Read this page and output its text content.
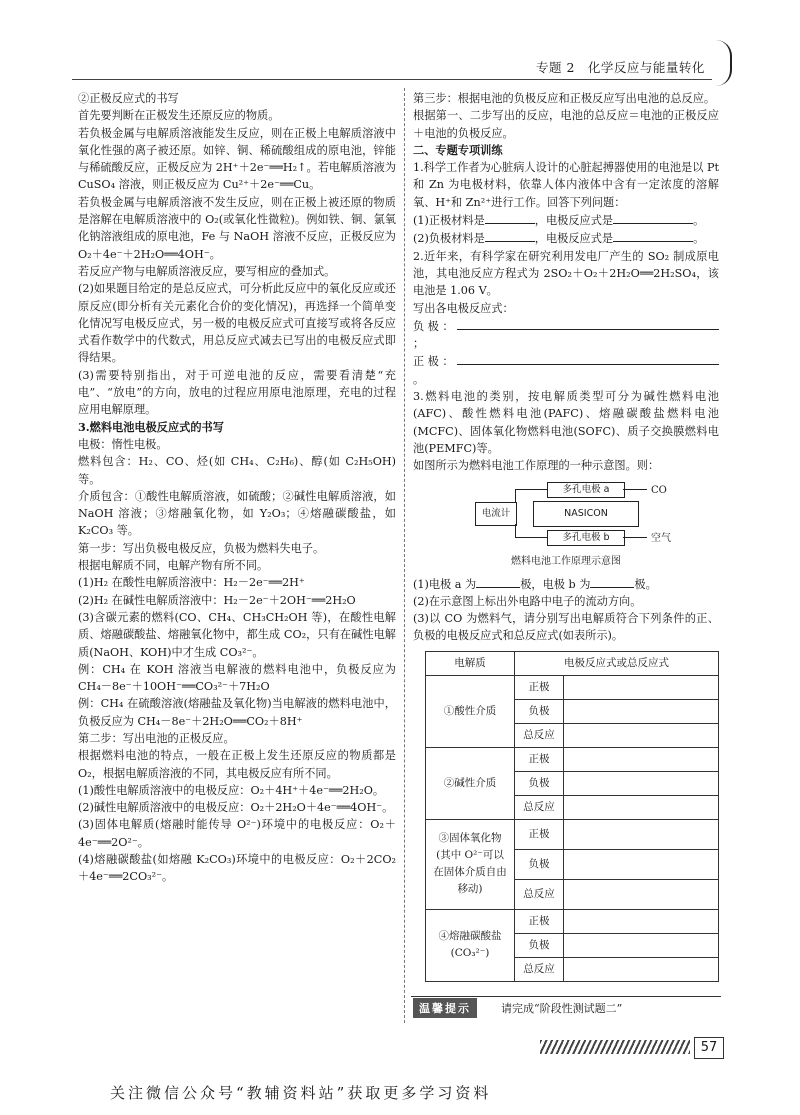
专题 2　化学反应与能量转化

②正极反应式的书写

首先要判断在正极发生还原反应的物质。

若负极金属与电解质溶液能发生反应，则在正极上电解质溶液中氧化性强的离子被还原。如锌、铜、稀硫酸组成的原电池，锌能与稀硫酸反应，正极反应为 2H⁺＋2e⁻══H₂↑。若电解质溶液为 CuSO₄ 溶液，则正极反应为 Cu²⁺＋2e⁻══Cu。

若负极金属与电解质溶液不发生反应，则在正极上被还原的物质是溶解在电解质溶液中的 O₂(或氧化性微粒)。例如铁、铜、氯氧化钠溶液组成的原电池，Fe 与 NaOH 溶液不反应，正极反应为 O₂＋4e⁻＋2H₂O══4OH⁻。

若反应产物与电解质溶液反应，要写相应的叠加式。

(2)如果题目给定的是总反应式，可分析此反应中的氧化反应或还原反应(即分析有关元素化合价的变化情况)，再选择一个简单变化情况写电极反应式，另一极的电极反应式可直接写或将各反应式看作数学中的代数式，用总反应式减去已写出的电极反应式即得结果。

(3)需要特别指出，对于可逆电池的反应，需要看清楚“充电”、“放电”的方向，放电的过程应用原电池原理，充电的过程应用电解原理。

3.燃料电池电极反应式的书写

电极：惰性电极。

燃料包含：H₂、CO、烃(如 CH₄、C₂H₆)、醇(如 C₂H₅OH)等。

介质包含：①酸性电解质溶液，如硫酸；②碱性电解质溶液，如 NaOH 溶液；③熔融氧化物，如 Y₂O₃；④熔融碳酸盐，如 K₂CO₃ 等。

第一步：写出负极电极反应，负极为燃料失电子。

根据电解质不同，电解产物有所不同。

(1)H₂ 在酸性电解质溶液中：H₂－2e⁻══2H⁺

(2)H₂ 在碱性电解质溶液中：H₂－2e⁻＋2OH⁻══2H₂O

(3)含碳元素的燃料(CO、CH₄、CH₃CH₂OH 等)，在酸性电解质、熔融碳酸盐、熔融氧化物中，都生成 CO₂，只有在碱性电解质(NaOH、KOH)中才生成 CO₃²⁻。

例：CH₄ 在 KOH 溶液当电解液的燃料电池中，负极反应为 CH₄－8e⁻＋10OH⁻══CO₃²⁻＋7H₂O

例：CH₄ 在硫酸溶液(熔融盐及氧化物)当电解液的燃料电池中，负极反应为 CH₄－8e⁻＋2H₂O══CO₂＋8H⁺

第二步：写出电池的正极反应。

根据燃料电池的特点，一般在正极上发生还原反应的物质都是 O₂，根据电解质溶液的不同，其电极反应有所不同。

(1)酸性电解质溶液中的电极反应：O₂＋4H⁺＋4e⁻══2H₂O。

(2)碱性电解质溶液中的电极反应：O₂＋2H₂O＋4e⁻══4OH⁻。

(3)固体电解质(熔融时能传导 O²⁻)环境中的电极反应：O₂＋4e⁻══2O²⁻。

(4)熔融碳酸盐(如熔融 K₂CO₃)环境中的电极反应：O₂＋2CO₂＋4e⁻══2CO₃²⁻。

第三步：根据电池的负极反应和正极反应写出电池的总反应。

根据第一、二步写出的反应，电池的总反应＝电池的正极反应＋电池的负极反应。

二、专题专项训练

1.科学工作者为心脏病人设计的心脏起搏器使用的电池是以 Pt 和 Zn 为电极材料，依靠人体内液体中含有一定浓度的溶解氧、H⁺和 Zn²⁺进行工作。回答下列问题：

(1)正极材料是	，电极反应式是	。

(2)负极材料是	，电极反应式是	。

2.近年来，有科学家在研究利用发电厂产生的 SO₂ 制成原电池，其电池反应方程式为 2SO₂＋O₂＋2H₂O══2H₂SO₄，该电池是 1.06 V。

写出各电极反应式：

负极：；

正极：。

3.燃料电池的类别，按电解质类型可分为碱性燃料电池(AFC)、酸性燃料电池(PAFC)、熔融碳酸盐燃料电池(MCFC)、固体氧化物燃料电池(SOFC)、质子交换膜燃料电池(PEMFC)等。

如图所示为燃料电池工作原理的一种示意图。则：

多孔电极 a
NASICON
多孔电极 b
电流计
CO
空气
燃料电池工作原理示意图

(1)电极 a 为	极，电极 b 为	极。

(2)在示意图上标出外电路中电子的流动方向。

(3)以 CO 为燃料气，请分别写出电解质符合下列条件的正、负极的电极反应式和总反应式(如表所示)。

电解质	电极反应式或总反应式	
①酸性介质	正极	
	负极	
	总反应	
②碱性介质	正极	
	负极	
	总反应	
③固体氧化物(其中 O²⁻可以在固体介质自由移动)	正极	
	负极	
	总反应	
④熔融碳酸盐(CO₃²⁻)	正极	
	负极	
	总反应	
温馨提示	请完成“阶段性测试题二”
57
关注微信公众号“教辅资料站”获取更多学习资料
